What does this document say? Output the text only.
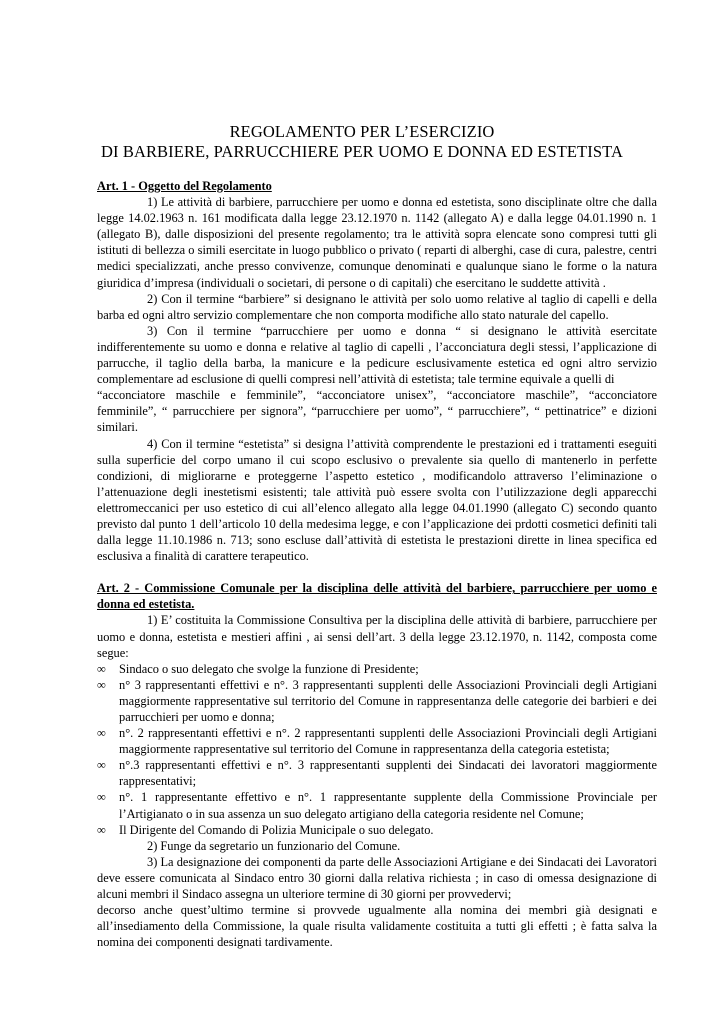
REGOLAMENTO PER L’ESERCIZIO
DI BARBIERE, PARRUCCHIERE PER UOMO E DONNA ED ESTETISTA

Art. 1 - Oggetto del Regolamento

1) Le attività di barbiere, parrucchiere per uomo e donna ed estetista, sono disciplinate oltre che dalla legge 14.02.1963 n. 161 modificata dalla legge 23.12.1970 n. 1142 (allegato A) e dalla legge 04.01.1990 n. 1 (allegato B), dalle disposizioni del presente regolamento; tra le attività sopra elencate sono compresi tutti gli istituti di bellezza o simili esercitate in luogo pubblico o privato ( reparti di alberghi, case di cura, palestre, centri medici specializzati, anche presso convivenze, comunque denominati e qualunque siano le forme o la natura giuridica d’impresa (individuali o societari, di persone o di capitali) che esercitano le suddette attività .

2) Con il termine “barbiere” si designano le attività per solo uomo relative al taglio di capelli e della barba ed ogni altro servizio complementare che non comporta modifiche allo stato naturale del capello.

3) Con il termine “parrucchiere per uomo e donna “ si designano le attività esercitate indifferentemente su uomo e donna e relative al taglio di capelli , l’acconciatura degli stessi, l’applicazione di parrucche, il taglio della barba, la manicure e la pedicure esclusivamente estetica ed ogni altro servizio complementare ad esclusione di quelli compresi nell’attività di estetista; tale termine equivale a quelli di

“acconciatore maschile e femminile”, “acconciatore unisex”, “acconciatore maschile”, “acconciatore femminile”, “ parrucchiere per signora”, “parrucchiere per uomo”, “ parrucchiere”, “ pettinatrice” e dizioni similari.

4) Con il termine “estetista” si designa l’attività comprendente le prestazioni ed i trattamenti eseguiti sulla superficie del corpo umano il cui scopo esclusivo o prevalente sia quello di mantenerlo in perfette condizioni, di migliorarne e proteggerne l’aspetto estetico , modificandolo attraverso l’eliminazione o l’attenuazione degli inestetismi esistenti; tale attività può essere svolta con l’utilizzazione degli apparecchi elettromeccanici per uso estetico di cui all’elenco allegato alla legge 04.01.1990 (allegato C) secondo quanto previsto dal punto 1 dell’articolo 10 della medesima legge, e con l’applicazione dei prdotti cosmetici definiti tali dalla legge 11.10.1986 n. 713; sono escluse dall’attività di estetista le prestazioni dirette in linea specifica ed esclusiva a finalità di carattere terapeutico.

Art. 2 - Commissione Comunale per la disciplina delle attività del barbiere, parrucchiere per uomo e donna ed estetista.

1) E’ costituita la Commissione Consultiva per la disciplina delle attività di barbiere, parrucchiere per uomo e donna, estetista e mestieri affini , ai sensi dell’art. 3 della legge 23.12.1970, n. 1142, composta come segue:

∞ Sindaco o suo delegato che svolge la funzione di Presidente;
∞ n° 3 rappresentanti effettivi e n°. 3 rappresentanti supplenti delle Associazioni Provinciali degli Artigiani maggiormente rappresentative sul territorio del Comune in rappresentanza delle categorie dei barbieri e dei parrucchieri per uomo e donna;
∞ n°. 2 rappresentanti effettivi e n°. 2 rappresentanti supplenti delle Associazioni Provinciali degli Artigiani maggiormente rappresentative sul territorio del Comune in rappresentanza della categoria estetista;
∞ n°.3 rappresentanti effettivi e n°. 3 rappresentanti supplenti dei Sindacati dei lavoratori maggiormente rappresentativi;
∞ n°. 1 rappresentante effettivo e n°. 1 rappresentante supplente della Commissione Provinciale per l’Artigianato o in sua assenza un suo delegato artigiano della categoria residente nel Comune;
∞ Il Dirigente del Comando di Polizia Municipale o suo delegato.

2) Funge da segretario un funzionario del Comune.

3) La designazione dei componenti da parte delle Associazioni Artigiane e dei Sindacati dei Lavoratori deve essere comunicata al Sindaco entro 30 giorni dalla relativa richiesta ; in caso di omessa designazione di alcuni membri il Sindaco assegna un ulteriore termine di 30 giorni per provvedervi;

decorso anche quest’ultimo termine si provvede ugualmente alla nomina dei membri già designati e all’insediamento della Commissione, la quale risulta validamente costituita a tutti gli effetti ; è fatta salva la nomina dei componenti designati tardivamente.
